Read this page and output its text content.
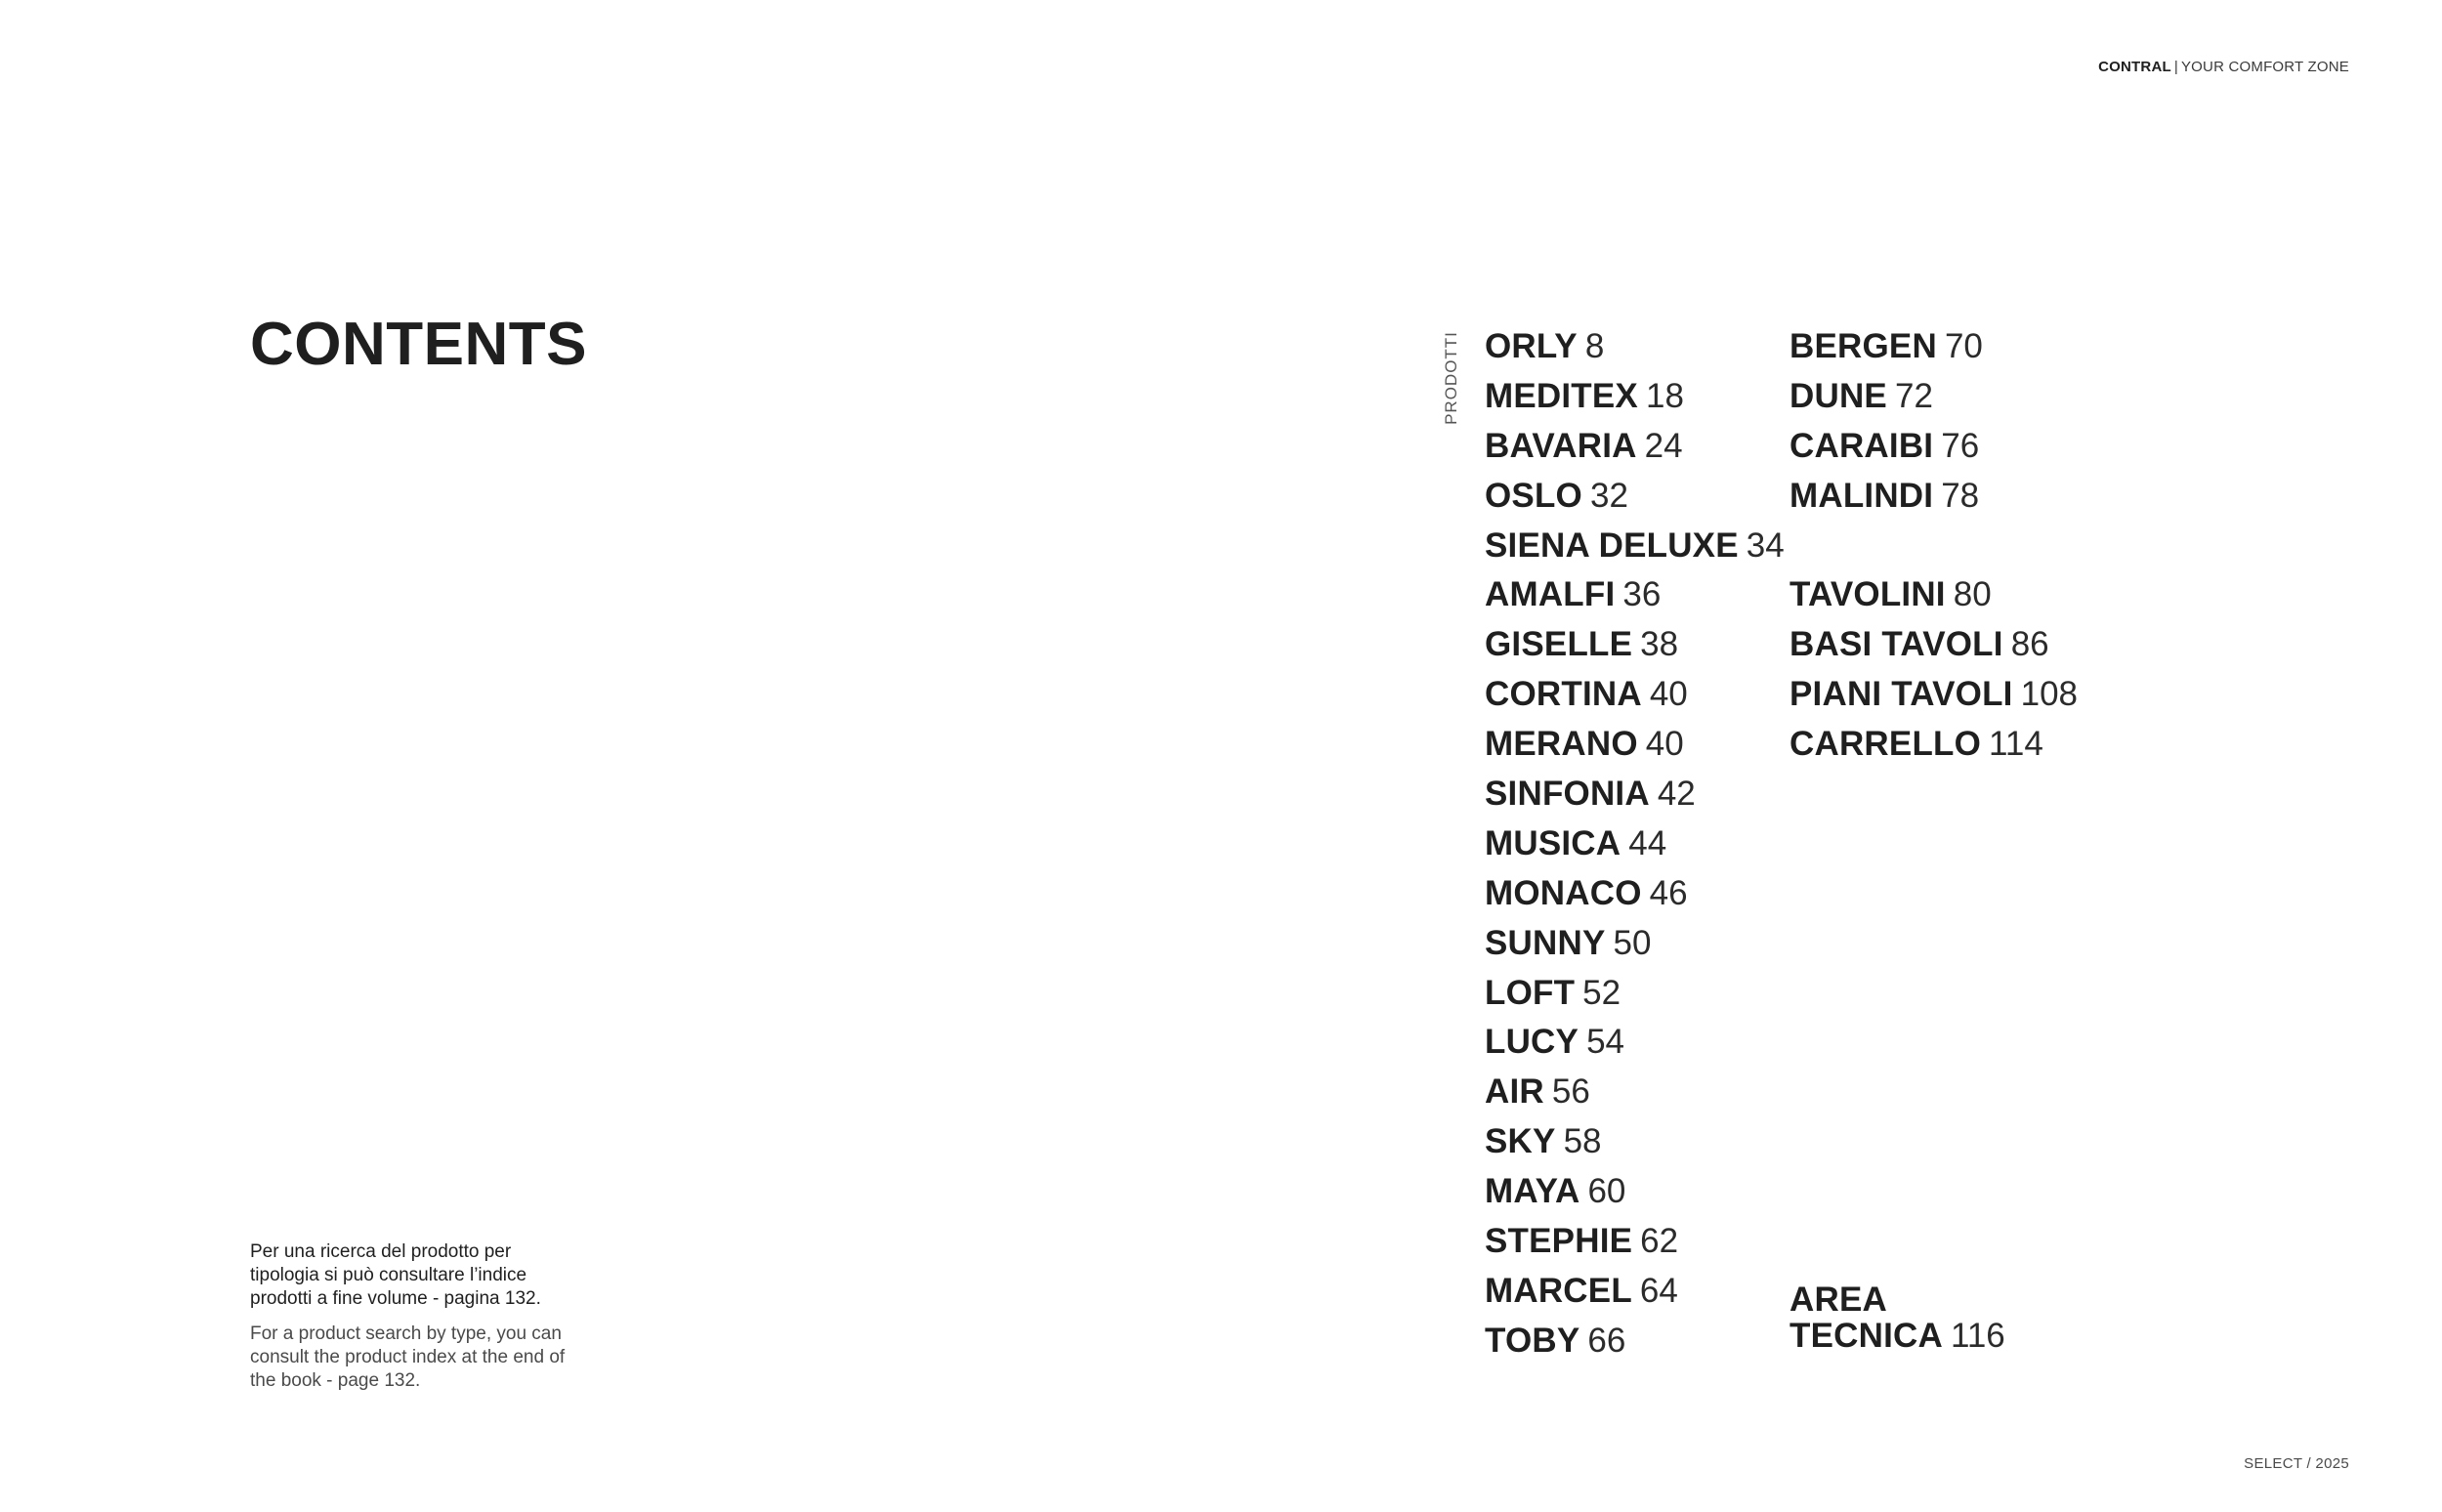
CONTRAL | YOUR COMFORT ZONE
CONTENTS

Per una ricerca del prodotto per tipologia si può consultare l’indice prodotti a fine volume - pagina 132.

For a product search by type, you can consult the product index at the end of the book - page 132.

PRODOTTI ORLY 8
MEDITEX 18
BAVARIA 24
OSLO 32
SIENA DELUXE 34
AMALFI 36
GISELLE 38
CORTINA 40
MERANO 40
SINFONIA 42
MUSICA 44
MONACO 46
SUNNY 50
LOFT 52
LUCY 54
AIR 56
SKY 58
MAYA 60
STEPHIE 62
MARCEL 64
TOBY 66
BERGEN 70
DUNE 72
CARAIBI 76
MALINDI 78
TAVOLINI 80
BASI TAVOLI 86
PIANI TAVOLI 108
CARRELLO 114
AREA
TECNICA 116
SELECT / 2025
